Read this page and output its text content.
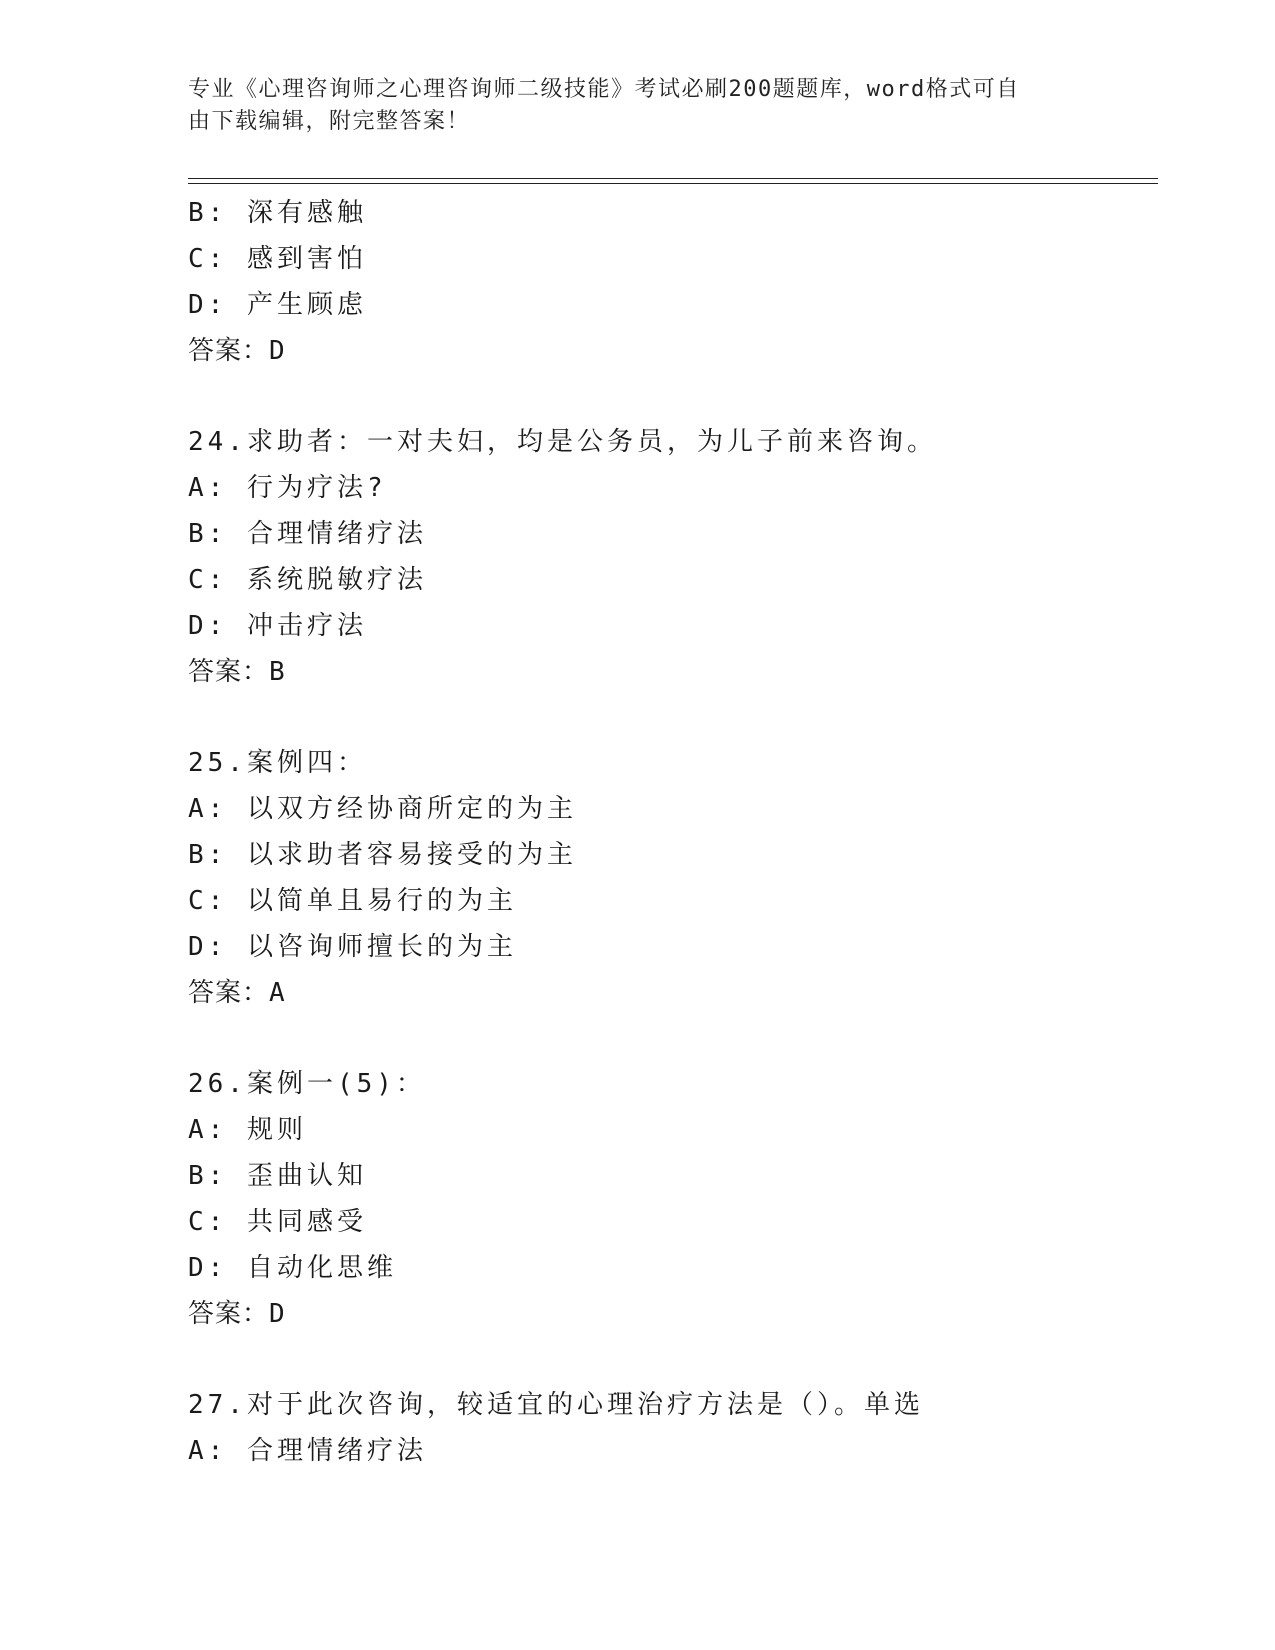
专业《心理咨询师之心理咨询师二级技能》考试必刷200题题库，word格式可自
由下载编辑，附完整答案！
B: 深有感触
C: 感到害怕
D: 产生顾虑
答案：D
24.求助者：一对夫妇，均是公务员，为儿子前来咨询。
A: 行为疗法?
B: 合理情绪疗法
C: 系统脱敏疗法
D: 冲击疗法
答案：B
25.案例四：
A: 以双方经协商所定的为主
B: 以求助者容易接受的为主
C: 以简单且易行的为主
D: 以咨询师擅长的为主
答案：A
26.案例一(5)：
A: 规则
B: 歪曲认知
C: 共同感受
D: 自动化思维
答案：D
27.对于此次咨询，较适宜的心理治疗方法是（）。单选
A: 合理情绪疗法
